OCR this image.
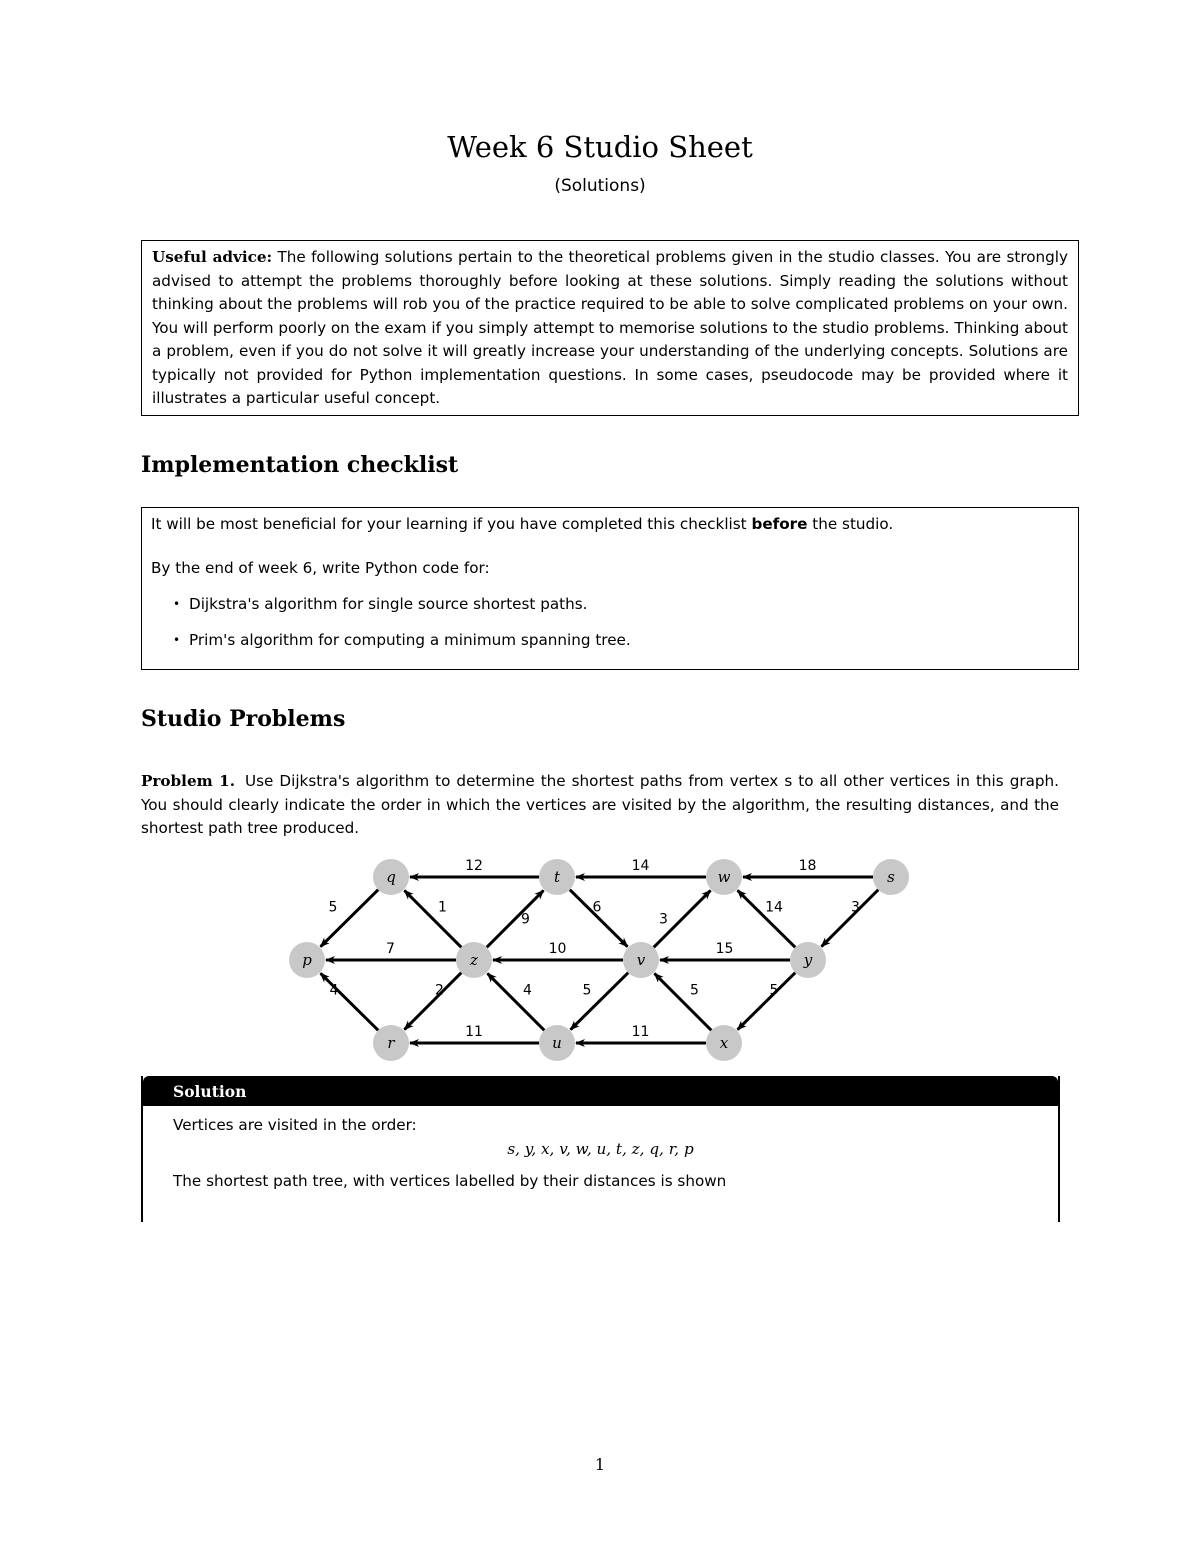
Week 6 Studio Sheet
(Solutions)
Useful advice: The following solutions pertain to the theoretical problems given in the studio classes. You are strongly advised to attempt the problems thoroughly before looking at these solutions. Simply reading the solutions without thinking about the problems will rob you of the practice required to be able to solve complicated problems on your own. You will perform poorly on the exam if you simply attempt to memorise solutions to the studio problems. Thinking about a problem, even if you do not solve it will greatly increase your understanding of the underlying concepts. Solutions are typically not provided for Python implementation questions. In some cases, pseudocode may be provided where it illustrates a particular useful concept.
Implementation checklist

It will be most beneficial for your learning if you have completed this checklist before the studio.

By the end of week 6, write Python code for:

• Dijkstra's algorithm for single source shortest paths.
• Prim's algorithm for computing a minimum spanning tree.
Studio Problems
Problem 1. Use Dijkstra's algorithm to determine the shortest paths from vertex s to all other vertices in this graph. You should clearly indicate the order in which the vertices are visited by the algorithm, the resulting distances, and the shortest path tree produced.
12	14	18
5	1
9
6
3
14	3
7	10	15
4	2	4	5	5	5
11	11
q	t	w	s
p	z	v	y
r	u	x
Solution

Vertices are visited in the order:

s, y, x, v, w, u, t, z, q, r, p

The shortest path tree, with vertices labelled by their distances is shown

1
